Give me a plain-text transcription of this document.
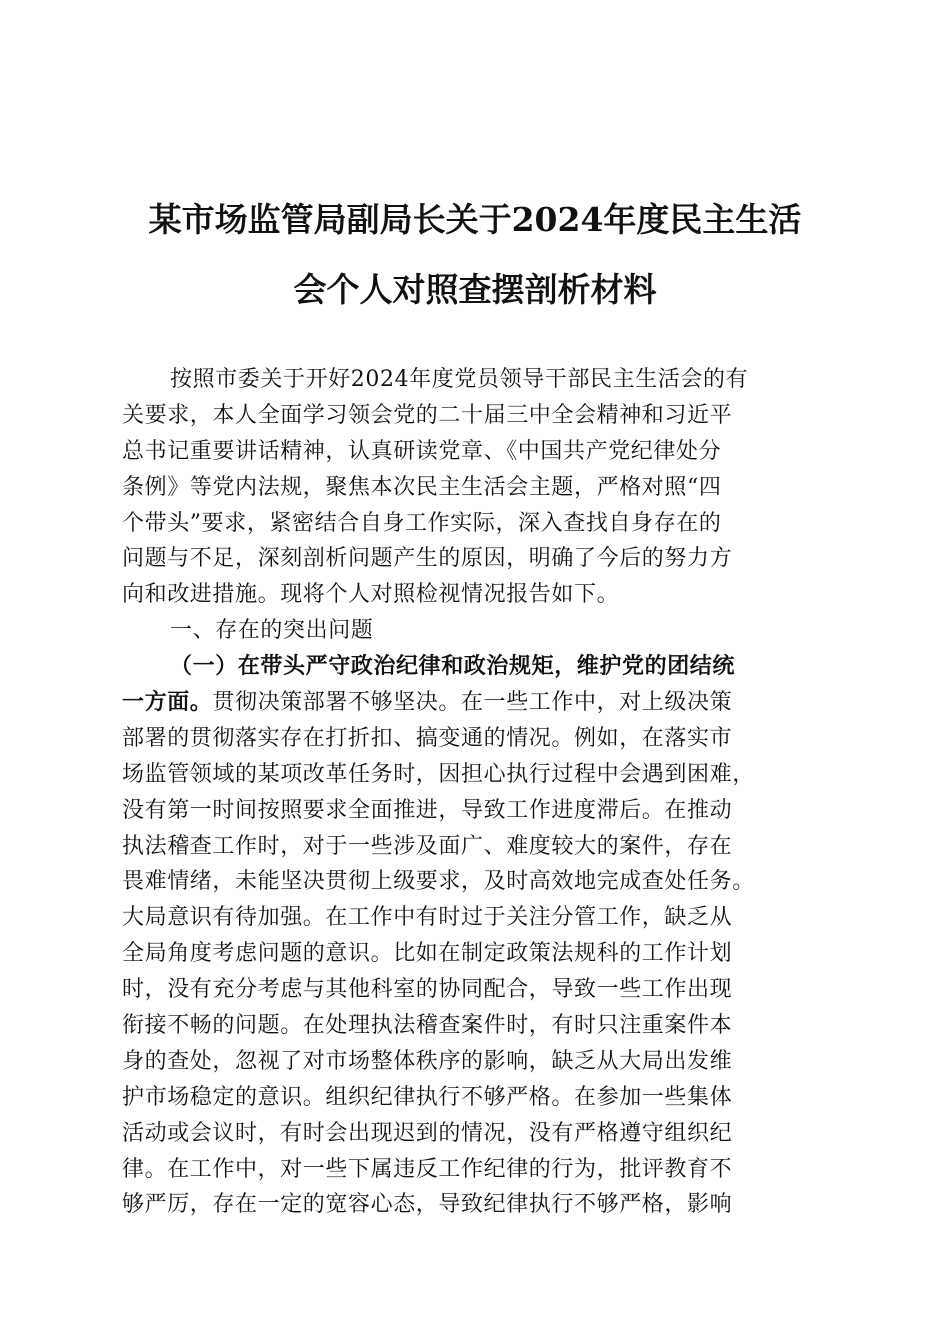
某市场监管局副局长关于2024年度民主生活
会个人对照查摆剖析材料
按照市委关于开好2024年度党员领导干部民主生活会的有
关要求，本人全面学习领会党的二十届三中全会精神和习近平
总书记重要讲话精神，认真研读党章、《中国共产党纪律处分
条例》等党内法规，聚焦本次民主生活会主题，严格对照“四
个带头”要求，紧密结合自身工作实际，深入查找自身存在的
问题与不足，深刻剖析问题产生的原因，明确了今后的努力方
向和改进措施。现将个人对照检视情况报告如下。
一、存在的突出问题
（一）在带头严守政治纪律和政治规矩，维护党的团结统
一方面。贯彻决策部署不够坚决。在一些工作中，对上级决策
部署的贯彻落实存在打折扣、搞变通的情况。例如，在落实市
场监管领域的某项改革任务时，因担心执行过程中会遇到困难，
没有第一时间按照要求全面推进，导致工作进度滞后。在推动
执法稽查工作时，对于一些涉及面广、难度较大的案件，存在
畏难情绪，未能坚决贯彻上级要求，及时高效地完成查处任务。
大局意识有待加强。在工作中有时过于关注分管工作，缺乏从
全局角度考虑问题的意识。比如在制定政策法规科的工作计划
时，没有充分考虑与其他科室的协同配合，导致一些工作出现
衔接不畅的问题。在处理执法稽查案件时，有时只注重案件本
身的查处，忽视了对市场整体秩序的影响，缺乏从大局出发维
护市场稳定的意识。组织纪律执行不够严格。在参加一些集体
活动或会议时，有时会出现迟到的情况，没有严格遵守组织纪
律。在工作中，对一些下属违反工作纪律的行为，批评教育不
够严厉，存在一定的宽容心态，导致纪律执行不够严格，影响
